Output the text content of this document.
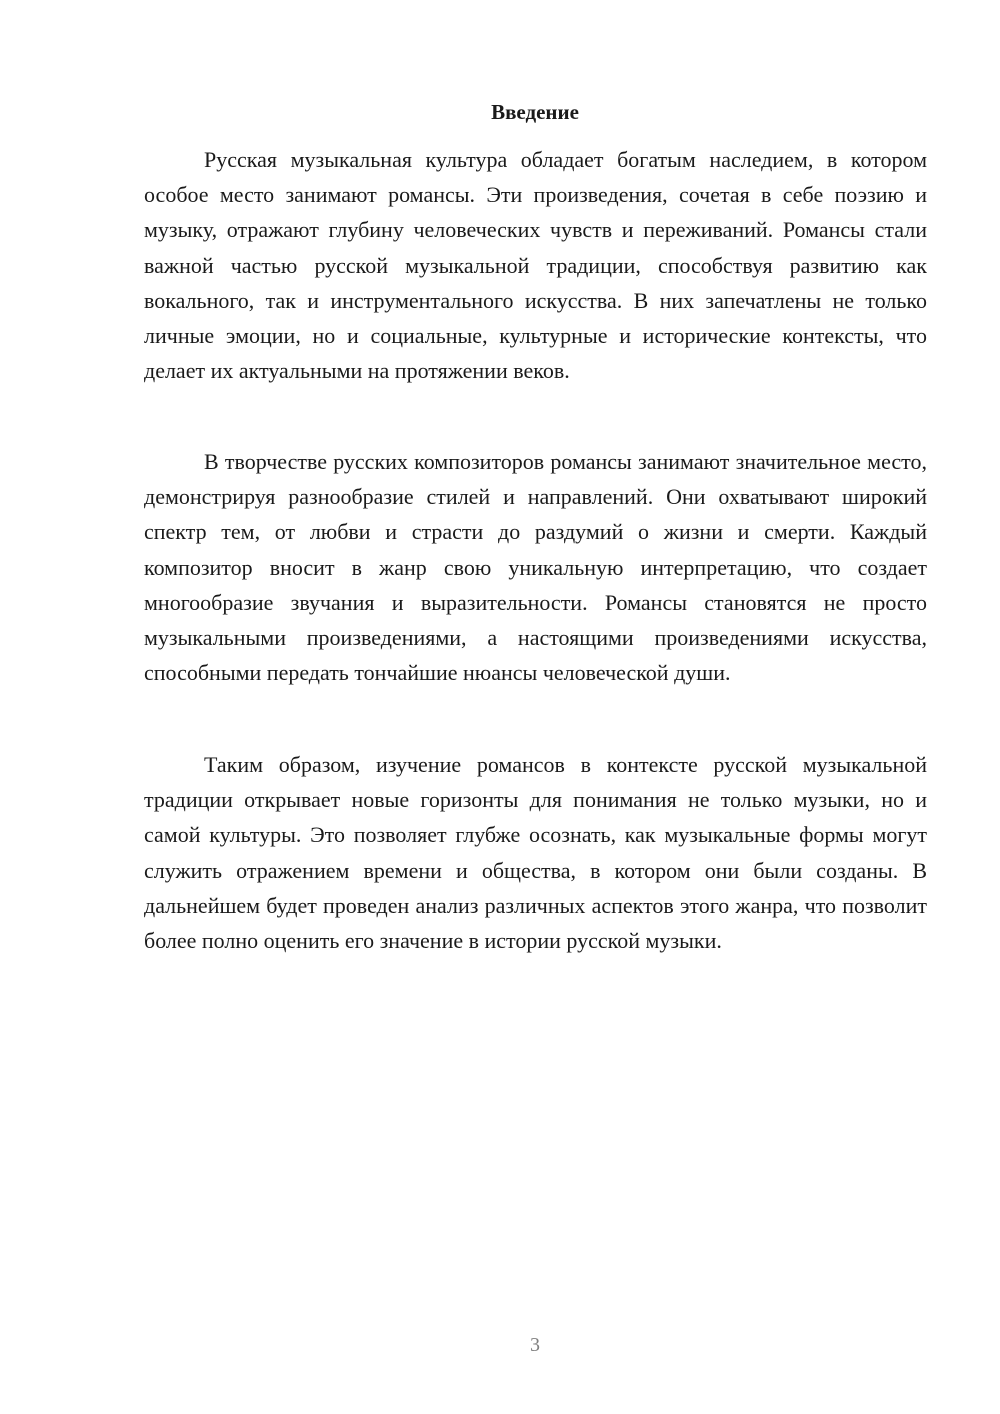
Введение

Русская музыкальная культура обладает богатым наследием, в котором особое место занимают романсы. Эти произведения, сочетая в себе поэзию и музыку, отражают глубину человеческих чувств и переживаний. Романсы стали важной частью русской музыкальной традиции, способствуя развитию как вокального, так и инструментального искусства. В них запечатлены не только личные эмоции, но и социальные, культурные и исторические контексты, что делает их актуальными на протяжении веков.

В творчестве русских композиторов романсы занимают значительное место, демонстрируя разнообразие стилей и направлений. Они охватывают широкий спектр тем, от любви и страсти до раздумий о жизни и смерти. Каждый композитор вносит в жанр свою уникальную интерпретацию, что создает многообразие звучания и выразительности. Романсы становятся не просто музыкальными произведениями, а настоящими произведениями искусства, способными передать тончайшие нюансы человеческой души.

Таким образом, изучение романсов в контексте русской музыкальной традиции открывает новые горизонты для понимания не только музыки, но и самой культуры. Это позволяет глубже осознать, как музыкальные формы могут служить отражением времени и общества, в котором они были созданы. В дальнейшем будет проведен анализ различных аспектов этого жанра, что позволит более полно оценить его значение в истории русской музыки.

3
